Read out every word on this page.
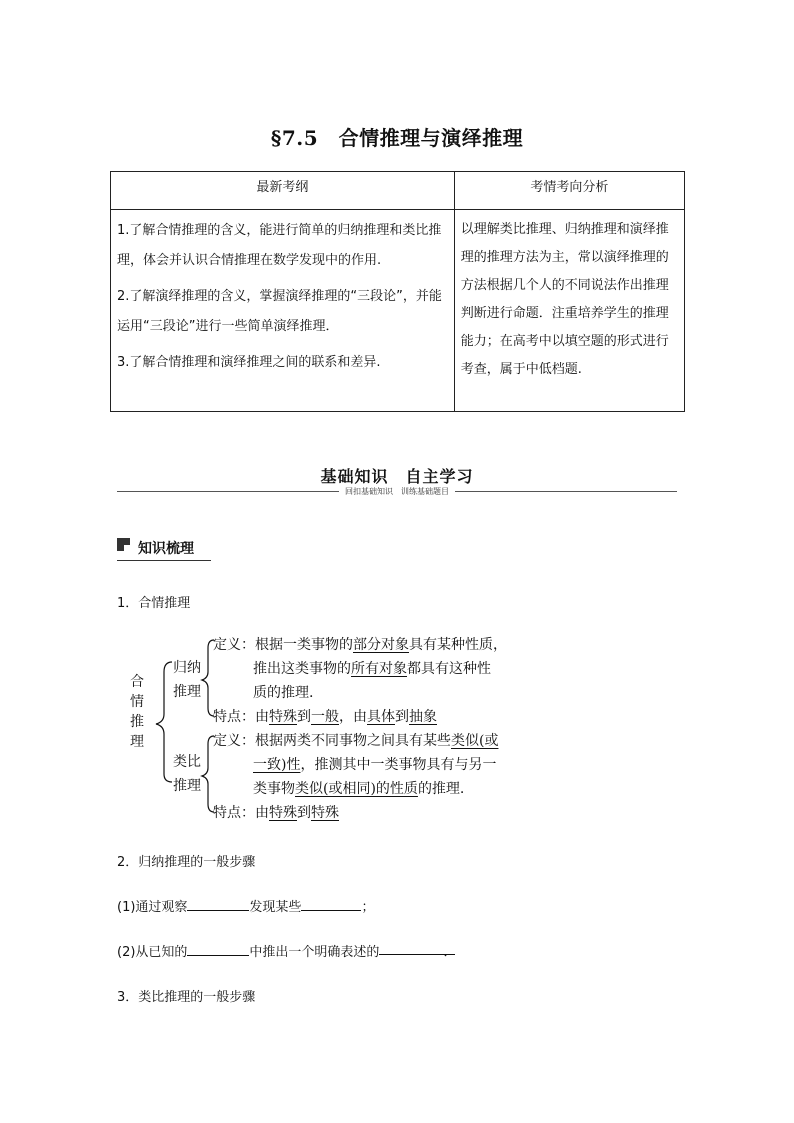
§7.5　合情推理与演绎推理
最新考纲	考情考向分析

1.了解合情推理的含义，能进行简单的归纳推理和类比推理，体会并认识合情推理在数学发现中的作用.

2.了解演绎推理的含义，掌握演绎推理的“三段论”，并能运用“三段论”进行一些简单演绎推理．

3.了解合情推理和演绎推理之间的联系和差异.	以理解类比推理、归纳推理和演绎推理的推理方法为主，常以演绎推理的方法根据几个人的不同说法作出推理判断进行命题．注重培养学生的推理能力；在高考中以填空题的形式进行考查，属于中低档题.
基础知识　自主学习
回扣基础知识　训练基础题目
知识梳理
1．合情推理
合
情
推
理
归纳
推理
类比
推理
定义：根据一类事物的部分对象具有某种性质，
推出这类事物的所有对象都具有这种性
质的推理.
特点：由特殊到一般，由具体到抽象
定义：根据两类不同事物之间具有某些类似(或
一致)性，推测其中一类事物具有与另一
类事物类似(或相同)的性质的推理.
特点：由特殊到特殊
2．归纳推理的一般步骤
(1)通过观察	发现某些	；
(2)从已知的	中推出一个明确表述的	．
3．类比推理的一般步骤
